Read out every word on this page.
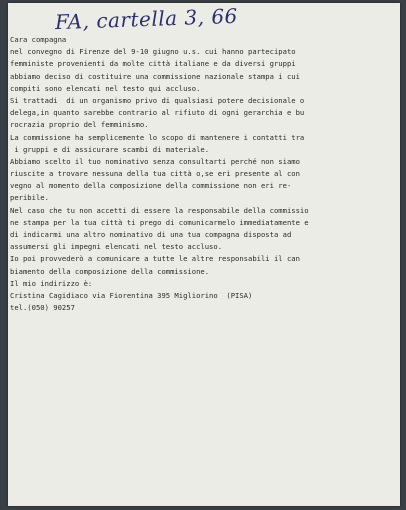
FA, cartella 3, 66
Cara compagna
nel convegno di Firenze del 9-10 giugno u.s. cui hanno partecipato
femministe provenienti da molte città italiane e da diversi gruppi
abbiamo deciso di costituire una commissione nazionale stampa i cui
compiti sono elencati nel testo qui accluso.
Si trattadi  di un organismo privo di qualsiasi potere decisionale o
delega,in quanto sarebbe contrario al rifiuto di ogni gerarchia e bu
rocrazia proprio del femminismo.
La commissione ha semplicemente lo scopo di mantenere i contatti tra
i gruppi e di assicurare scambi di materiale.
Abbiamo scelto il tuo nominativo senza consultarti perché non siamo
riuscite a trovare nessuna della tua città o,se eri presente al con
vegno al momento della composizione della commissione non eri re-
peribile.
Nel caso che tu non accetti di essere la responsabile della commissio
ne stampa per la tua città ti prego di comunicarmelo immediatamente e
di indicarmi una altro nominativo di una tua compagna disposta ad
assumersi gli impegni elencati nel testo accluso.
Io poi provvederò a comunicare a tutte le altre responsabili il can
biamento della composizione della commissione.
Il mio indirizzo è:
Cristina Cagidiaco via Fiorentina 395 Migliorino  (PISA)
tel.(050) 90257
